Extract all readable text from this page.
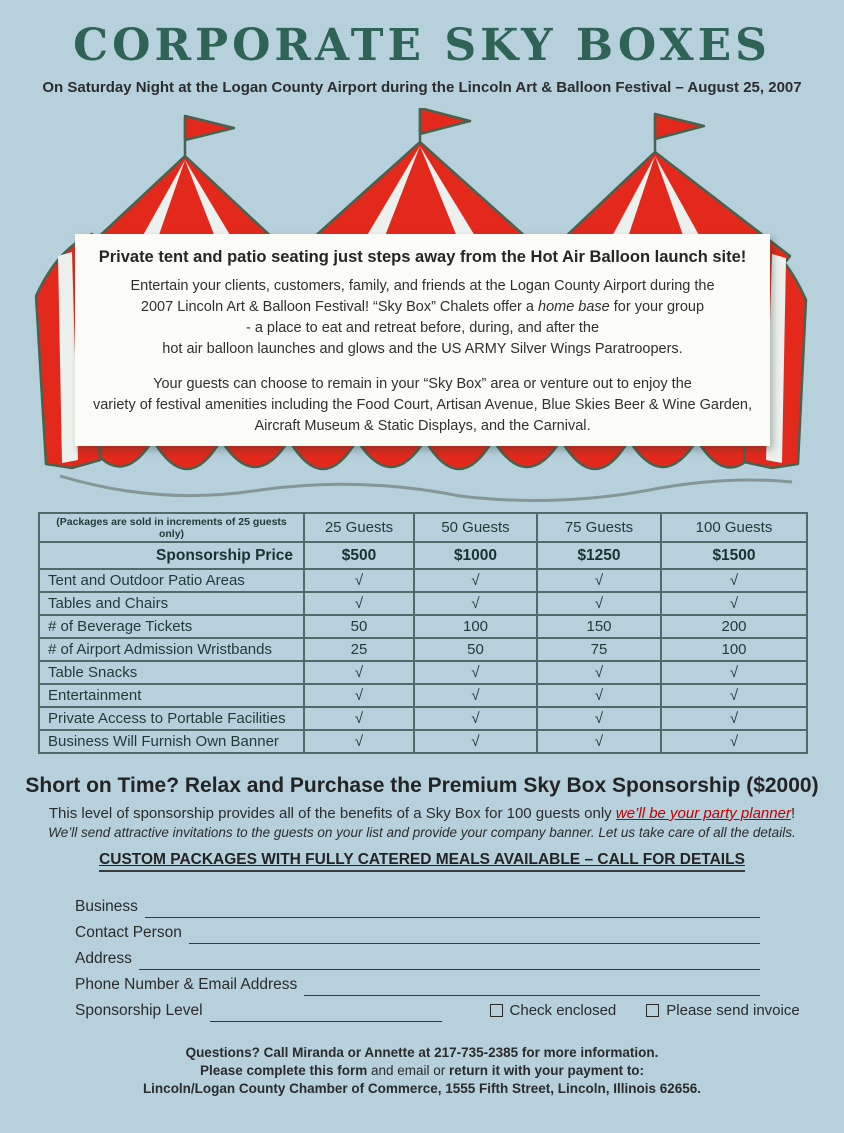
CORPORATE SKY BOXES
On Saturday Night at the Logan County Airport during the Lincoln Art & Balloon Festival – August 25, 2007
Private tent and patio seating just steps away from the Hot Air Balloon launch site!
Entertain your clients, customers, family, and friends at the Logan County Airport during the
2007 Lincoln Art & Balloon Festival! “Sky Box” Chalets offer a home base for your group
- a place to eat and retreat before, during, and after the
hot air balloon launches and glows and the US ARMY Silver Wings Paratroopers.
Your guests can choose to remain in your “Sky Box” area or venture out to enjoy the
variety of festival amenities including the Food Court, Artisan Avenue, Blue Skies Beer & Wine Garden,
Aircraft Museum & Static Displays, and the Carnival.
(Packages are sold in increments of 25 guests only)	25 Guests	50 Guests	75 Guests	100 Guests
Sponsorship Price	$500	$1000	$1250	$1500
Tent and Outdoor Patio Areas	√	√	√	√
Tables and Chairs	√	√	√	√
# of Beverage Tickets	50	100	150	200
# of Airport Admission Wristbands	25	50	75	100
Table Snacks	√	√	√	√
Entertainment	√	√	√	√
Private Access to Portable Facilities	√	√	√	√
Business Will Furnish Own Banner	√	√	√	√
Short on Time? Relax and Purchase the Premium Sky Box Sponsorship ($2000)
This level of sponsorship provides all of the benefits of a Sky Box for 100 guests only we’ll be your party planner!
We’ll send attractive invitations to the guests on your list and provide your company banner. Let us take care of all the details.
CUSTOM PACKAGES WITH FULLY CATERED MEALS AVAILABLE – CALL FOR DETAILS
Business
Contact Person
Address
Phone Number & Email Address
Sponsorship Level	Check enclosed	Please send invoice
Questions? Call Miranda or Annette at 217-735-2385 for more information.
Please complete this form and email or return it with your payment to:
Lincoln/Logan County Chamber of Commerce, 1555 Fifth Street, Lincoln, Illinois 62656.
